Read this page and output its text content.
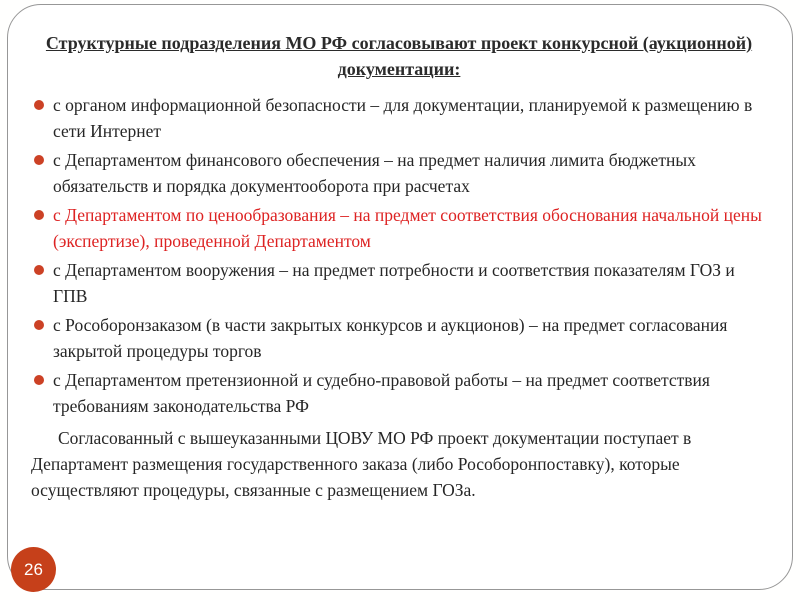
Структурные подразделения МО РФ согласовывают проект конкурсной (аукционной) документации:
с органом информационной безопасности – для документации, планируемой к размещению в сети Интернет
с Департаментом финансового обеспечения – на предмет наличия лимита бюджетных обязательств и порядка документооборота при расчетах
с Департаментом по ценообразования – на предмет соответствия обоснования начальной цены (экспертизе), проведенной Департаментом
с Департаментом вооружения – на предмет потребности и соответствия показателям ГОЗ и ГПВ
с Рособоронзаказом (в части закрытых конкурсов и аукционов) – на предмет согласования закрытой процедуры торгов
с Департаментом претензионной и судебно-правовой работы – на предмет соответствия требованиям законодательства РФ

Согласованный с вышеуказанными ЦОВУ МО РФ проект документации поступает в Департамент размещения государственного заказа (либо Рособоронпоставку), которые осуществляют процедуры, связанные с размещением ГОЗа.

26
